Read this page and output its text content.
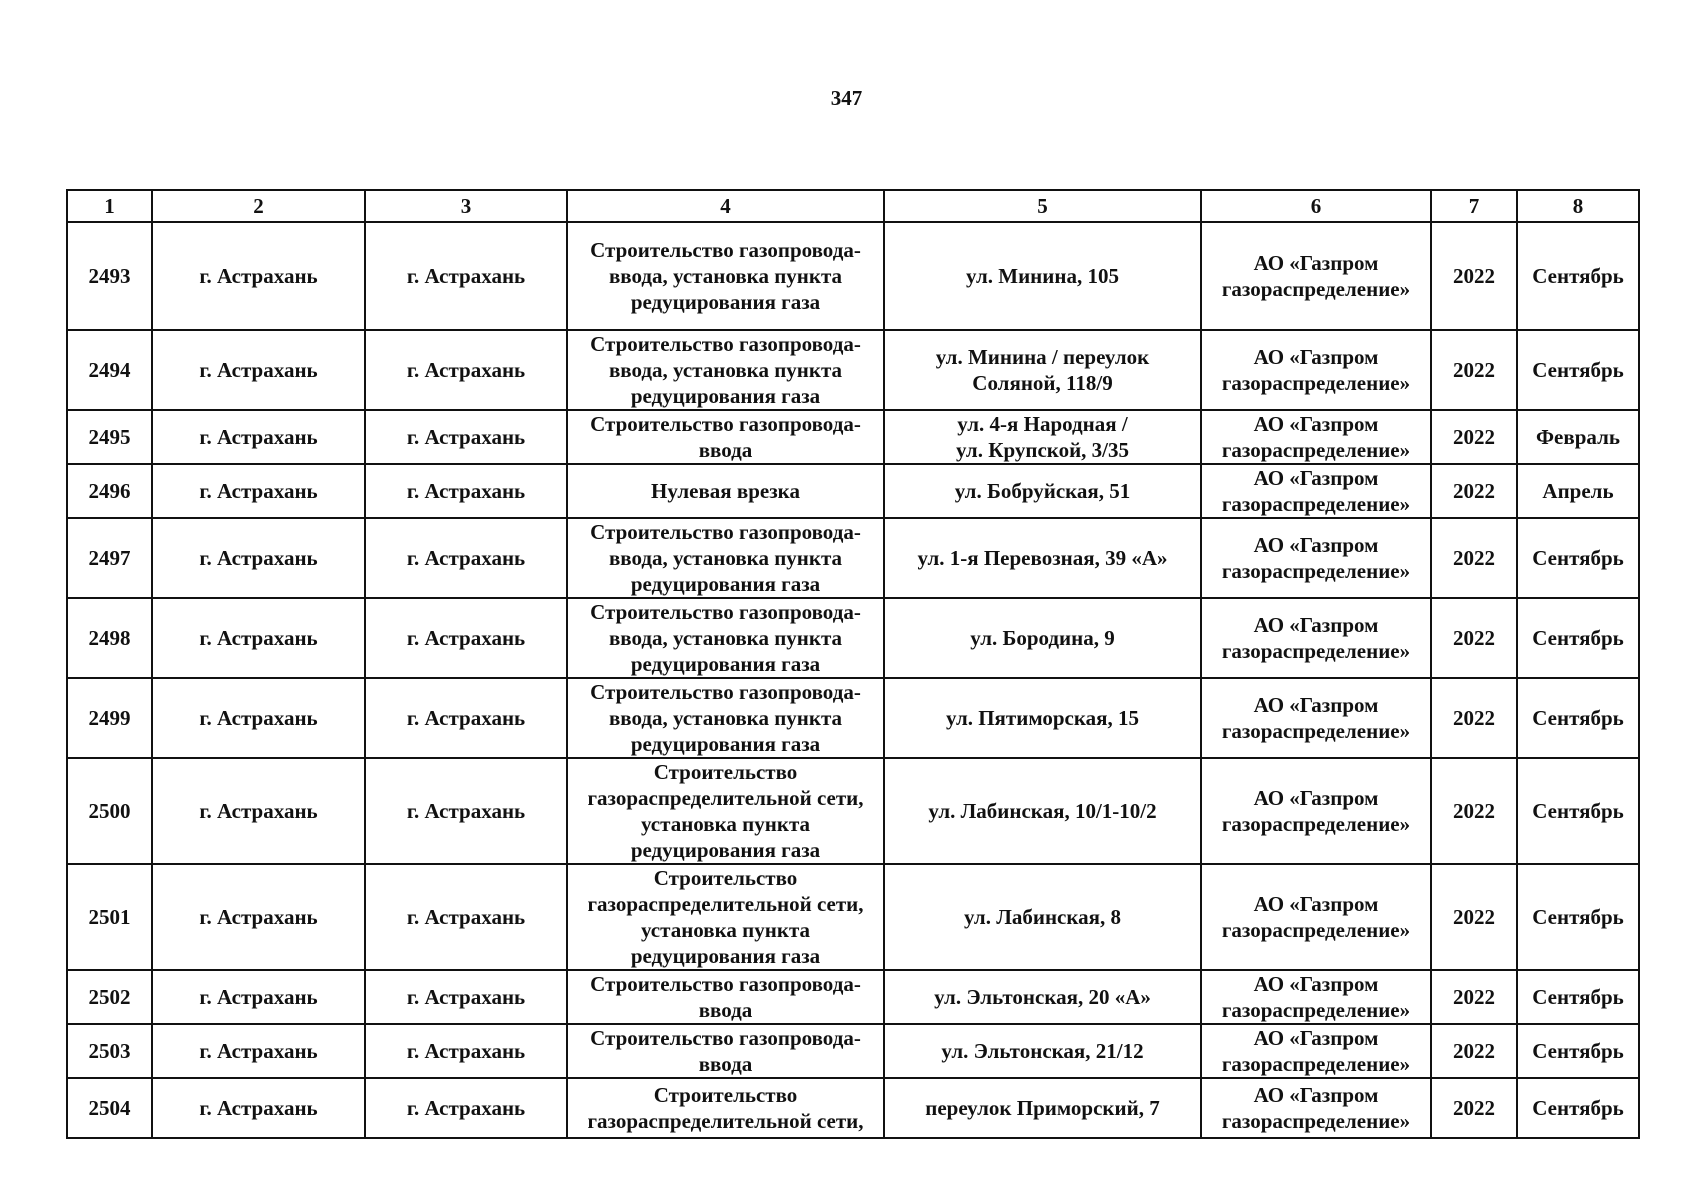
347
1	2	3	4	5	6	7	8
2493	г. Астрахань	г. Астрахань	Строительство газопровода-
ввода, установка пункта
редуцирования газа	ул. Минина, 105	АО «Газпром
газораспределение»	2022	Сентябрь
2494	г. Астрахань	г. Астрахань	Строительство газопровода-
ввода, установка пункта
редуцирования газа	ул. Минина / переулок
Соляной, 118/9	АО «Газпром
газораспределение»	2022	Сентябрь
2495	г. Астрахань	г. Астрахань	Строительство газопровода-
ввода	ул. 4-я Народная /
ул. Крупской, 3/35	АО «Газпром
газораспределение»	2022	Февраль
2496	г. Астрахань	г. Астрахань	Нулевая врезка	ул. Бобруйская, 51	АО «Газпром
газораспределение»	2022	Апрель
2497	г. Астрахань	г. Астрахань	Строительство газопровода-
ввода, установка пункта
редуцирования газа	ул. 1-я Перевозная, 39 «А»	АО «Газпром
газораспределение»	2022	Сентябрь
2498	г. Астрахань	г. Астрахань	Строительство газопровода-
ввода, установка пункта
редуцирования газа	ул. Бородина, 9	АО «Газпром
газораспределение»	2022	Сентябрь
2499	г. Астрахань	г. Астрахань	Строительство газопровода-
ввода, установка пункта
редуцирования газа	ул. Пятиморская, 15	АО «Газпром
газораспределение»	2022	Сентябрь
2500	г. Астрахань	г. Астрахань	Строительство
газораспределительной сети,
установка пункта
редуцирования газа	ул. Лабинская, 10/1-10/2	АО «Газпром
газораспределение»	2022	Сентябрь
2501	г. Астрахань	г. Астрахань	Строительство
газораспределительной сети,
установка пункта
редуцирования газа	ул. Лабинская, 8	АО «Газпром
газораспределение»	2022	Сентябрь
2502	г. Астрахань	г. Астрахань	Строительство газопровода-
ввода	ул. Эльтонская, 20 «А»	АО «Газпром
газораспределение»	2022	Сентябрь
2503	г. Астрахань	г. Астрахань	Строительство газопровода-
ввода	ул. Эльтонская, 21/12	АО «Газпром
газораспределение»	2022	Сентябрь
2504	г. Астрахань	г. Астрахань	Строительство
газораспределительной сети,	переулок Приморский, 7	АО «Газпром
газораспределение»	2022	Сентябрь
